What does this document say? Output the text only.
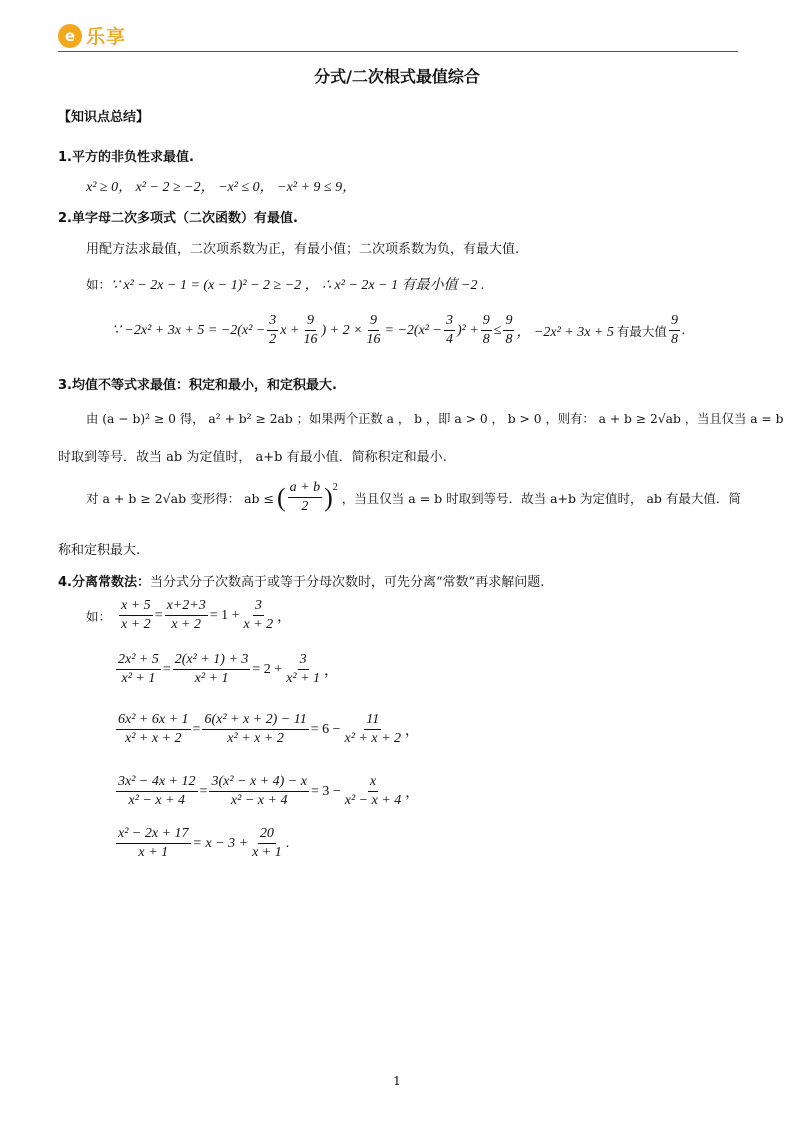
e 乐享
分式/二次根式最值综合
【知识点总结】
1.平方的非负性求最值.
x² ≥ 0， x² − 2 ≥ −2， −x² ≤ 0， −x² + 9 ≤ 9，
2.单字母二次多项式（二次函数）有最值.
用配方法求最值，二次项系数为正，有最小值；二次项系数为负，有最大值.
如： ∵ x² − 2x − 1 = (x − 1)² − 2 ≥ −2 ， ∴ x² − 2x − 1 有最小值 −2 .
∵ $-2x^2 + 3x + 5 = -2(x^2 - \frac{3}{2}$ $x + \frac{9}{16}$ ) + $2 \times \frac{9}{16} = -2(x^2 - \frac{3}{4} )^2 + \frac{9}{8} \le \frac{9}{8}$ ， −2x² + 3x + 5 有最大值 $\frac{9}{8}$ .
3.均值不等式求最值：积定和最小，和定积最大.
由 (a − b)² ≥ 0 得， a² + b² ≥ 2ab ；如果两个正数 a ， b ，即 a > 0 ， b > 0 ，则有： a + b ≥ 2√ab ，当且仅当 a = b
时取到等号．故当 ab 为定值时， a+b 有最小值．简称积定和最小.
对 a + b ≥ 2√ab 变形得： ab ≤ ( $\frac{a + b}{2}$ ) 2
，当且仅当 a = b 时取到等号．故当 a+b 为定值时， ab 有最大值．简
称和定积最大.
4.分离常数法：当分式分子次数高于或等于分母次数时，可先分离“常数”再求解问题.
如： $\frac{x + 5}{x + 2} = \frac{x+2+3}{x + 2} = 1 + \frac{3}{x + 2}$ ，
$\frac{\text{2x² + 5}}{\text{x² + 1}} = \frac{\text{2(x² + 1) + 3}}{\text{x² + 1}} = 2 + \frac{3}{\text{x² + 1}}$ ，
$\frac{\text{6x² + 6x + 1}}{\text{x² + x + 2}} = \frac{\text{6(x² + x + 2) − 11}}{\text{x² + x + 2}} = 6 - \frac{11}{\text{x² + x + 2}}$ ，
$\frac{\text{3x² − 4x + 12}}{\text{x² − x + 4}} = \frac{\text{3(x² − x + 4) − x}}{\text{x² − x + 4}} = 3 - \frac{x}{\text{x² − x + 4}}$ ，
$\frac{\text{x² − 2x + 17}}{x + 1} = x - 3 + \frac{20}{x + 1}$ .
1
